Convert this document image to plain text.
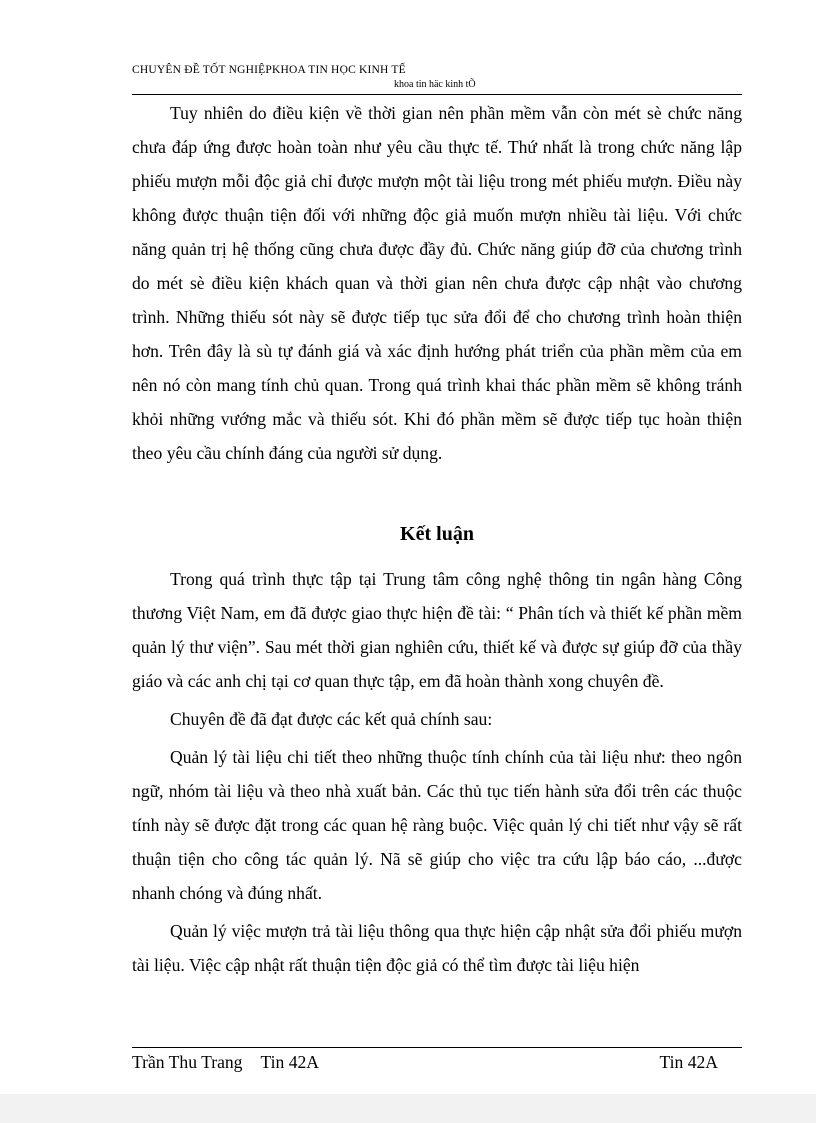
CHUYÊN ĐỀ TỐT NGHIỆPKHOA TIN HỌC KINH TẾ
khoa tin häc kinh tÕ

Tuy nhiên do điều kiện về thời gian nên phần mềm vẫn còn mét sè chức năng chưa đáp ứng được hoàn toàn như yêu cầu thực tế. Thứ nhất là trong chức năng lập phiếu mượn mỗi độc giả chỉ được mượn một tài liệu trong mét phiếu mượn. Điều này không được thuận tiện đối với những độc giả muốn mượn nhiều tài liệu. Với chức năng quản trị hệ thống cũng chưa được đầy đủ. Chức năng giúp đỡ của chương trình do mét sè điều kiện khách quan và thời gian nên chưa được cập nhật vào chương trình. Những thiếu sót này sẽ được tiếp tục sửa đổi để cho chương trình hoàn thiện hơn. Trên đây là sù tự đánh giá và xác định hướng phát triển của phần mềm của em nên nó còn mang tính chủ quan. Trong quá trình khai thác phần mềm sẽ không tránh khỏi những vướng mắc và thiếu sót. Khi đó phần mềm sẽ được tiếp tục hoàn thiện theo yêu cầu chính đáng của người sử dụng.

Kết luận

Trong quá trình thực tập tại Trung tâm công nghệ thông tin ngân hàng Công thương Việt Nam, em đã được giao thực hiện đề tài: “ Phân tích và thiết kế phần mềm quản lý thư viện”. Sau mét thời gian nghiên cứu, thiết kế và được sự giúp đỡ của thầy giáo và các anh chị tại cơ quan thực tập, em đã hoàn thành xong chuyên đề.

Chuyên đề đã đạt được các kết quả chính sau:

Quản lý tài liệu chi tiết theo những thuộc tính chính của tài liệu như: theo ngôn ngữ, nhóm tài liệu và theo nhà xuất bản. Các thủ tục tiến hành sửa đổi trên các thuộc tính này sẽ được đặt trong các quan hệ ràng buộc. Việc quản lý chi tiết như vậy sẽ rất thuận tiện cho công tác quản lý. Nã sẽ giúp cho việc tra cứu lập báo cáo, ...được nhanh chóng và đúng nhất.

Quản lý việc mượn trả tài liệu thông qua thực hiện cập nhật sửa đổi phiếu mượn tài liệu. Việc cập nhật rất thuận tiện độc giả có thể tìm được tài liệu hiện

Trần Thu Trang Tin 42A	Tin 42A
